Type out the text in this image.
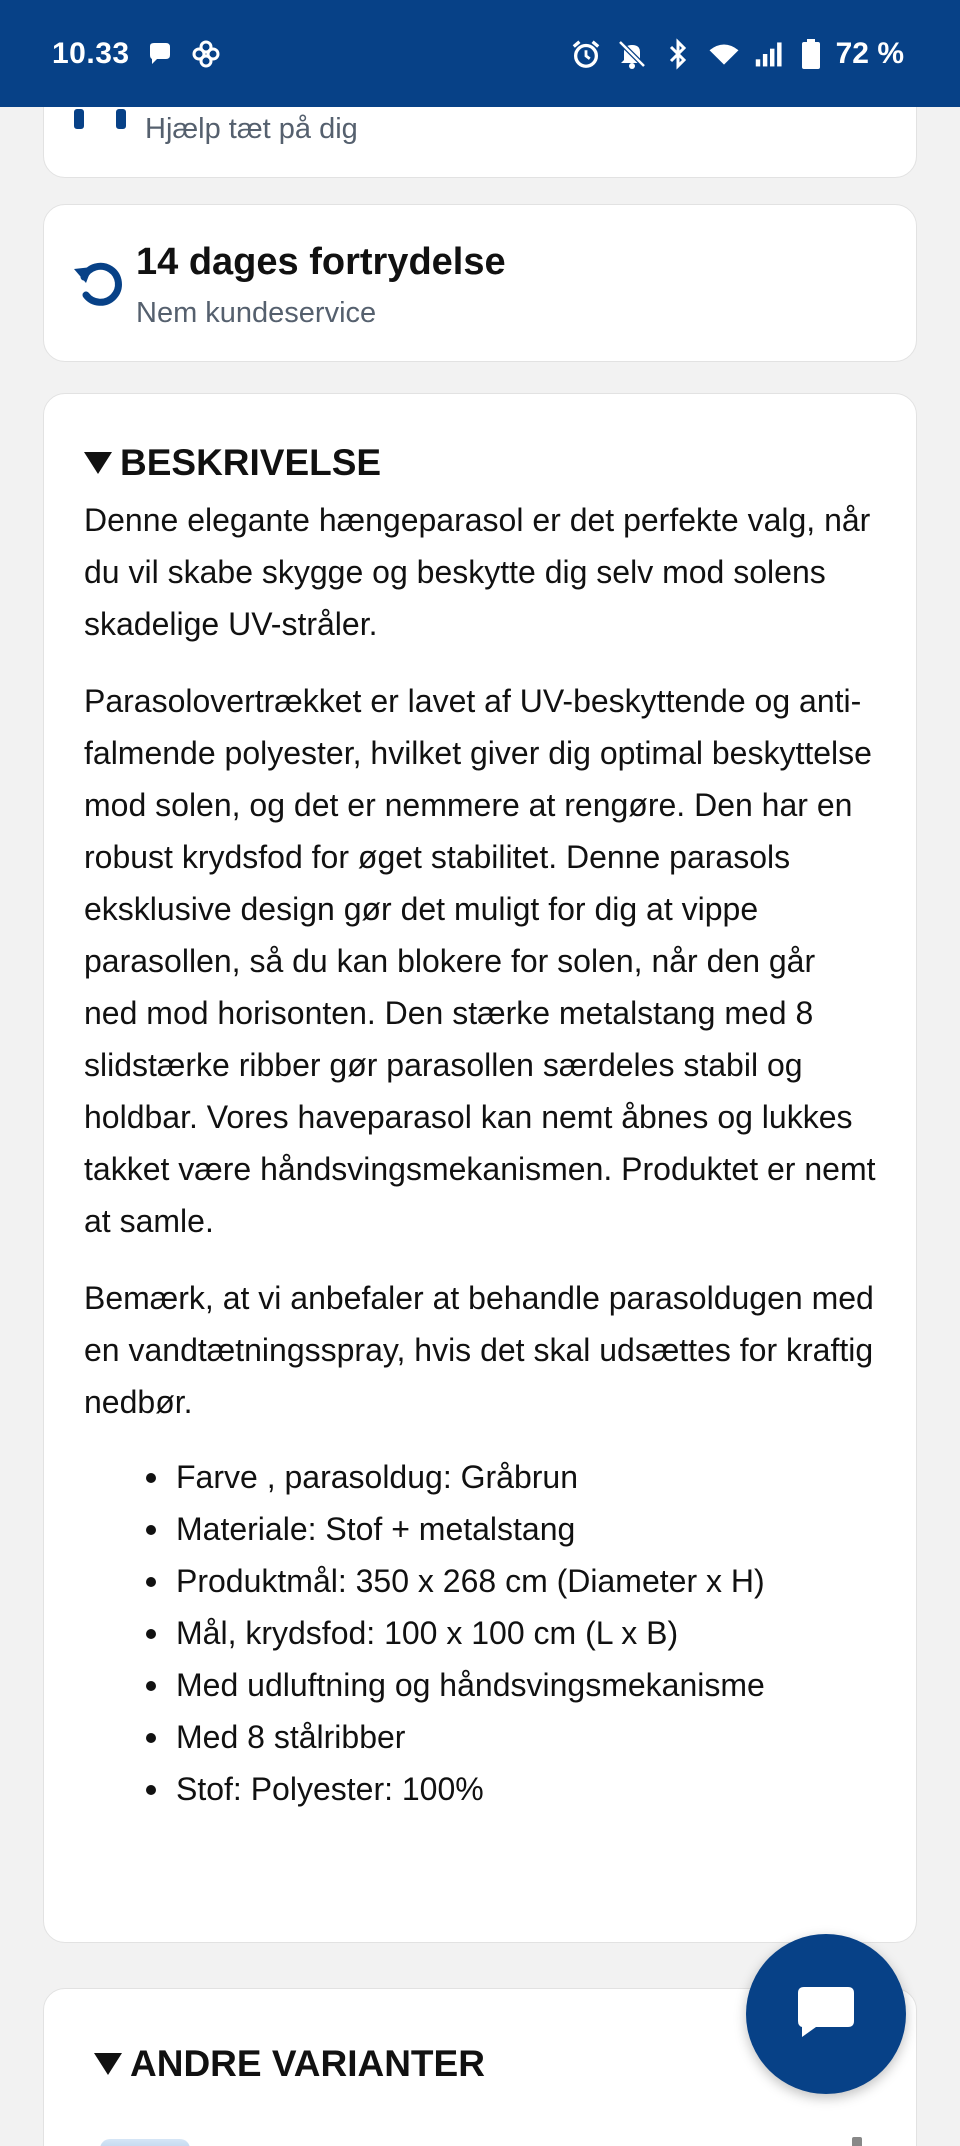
10.33	72 %
Hjælp tæt på dig
14 dages fortrydelse
Nem kundeservice
BESKRIVELSE

Denne elegante hængeparasol er det perfekte valg, når du vil skabe skygge og beskytte dig selv mod solens skadelige UV-stråler.

Parasolovertrækket er lavet af UV-beskyttende og anti-falmende polyester, hvilket giver dig optimal beskyttelse mod solen, og det er nemmere at rengøre. Den har en robust krydsfod for øget stabilitet. Denne parasols eksklusive design gør det muligt for dig at vippe parasollen, så du kan blokere for solen, når den går ned mod horisonten. Den stærke metalstang med 8 slidstærke ribber gør parasollen særdeles stabil og holdbar. Vores haveparasol kan nemt åbnes og lukkes takket være håndsvingsmekanismen. Produktet er nemt at samle.

Bemærk, at vi anbefaler at behandle parasoldugen med en vandtætningsspray, hvis det skal udsættes for kraftig nedbør.

Farve , parasoldug: Gråbrun
Materiale: Stof + metalstang
Produktmål: 350 x 268 cm (Diameter x H)
Mål, krydsfod: 100 x 100 cm (L x B)
Med udluftning og håndsvingsmekanisme
Med 8 stålribber
Stof: Polyester: 100%
ANDRE VARIANTER
